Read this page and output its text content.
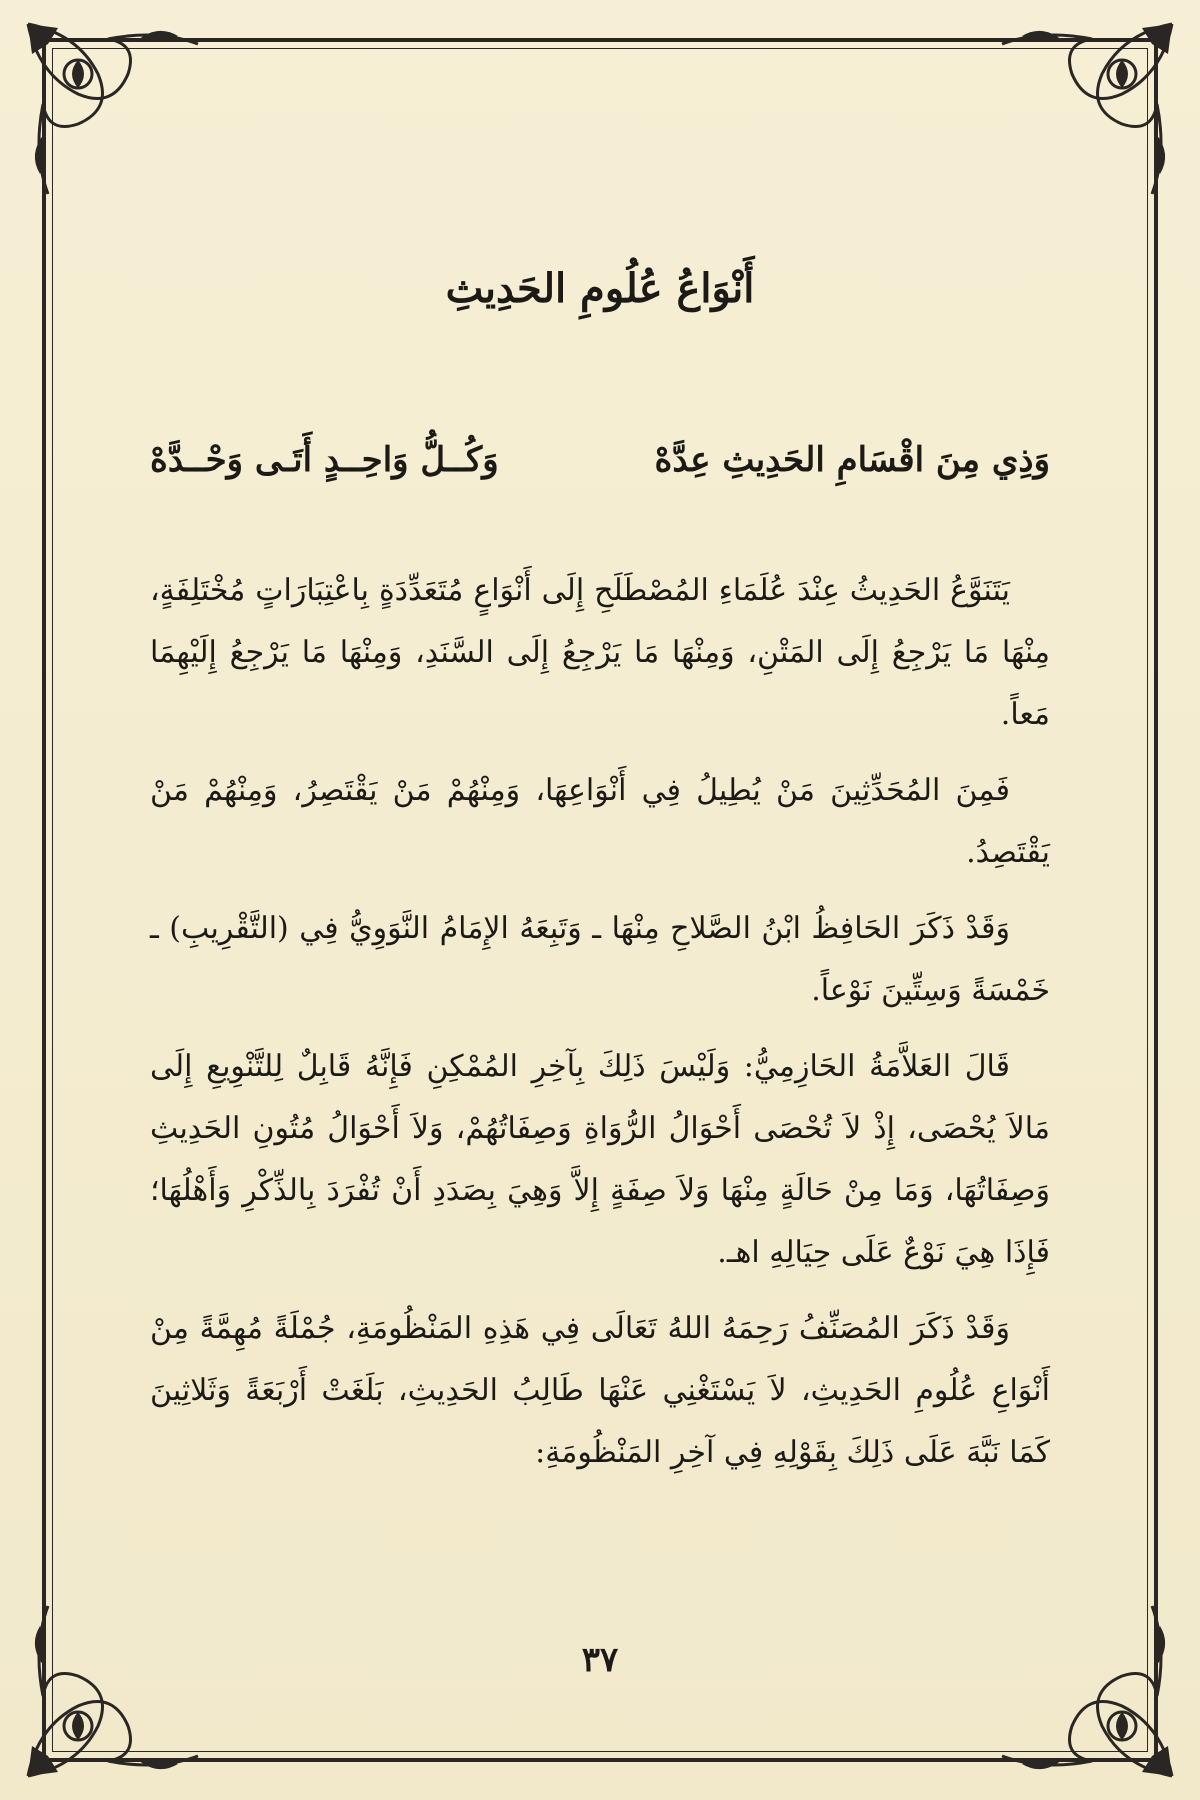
أَنْوَاعُ عُلُومِ الحَدِيثِ
وَذِي مِنَ اقْسَامِ الحَدِيثِ عِدَّهْ
وَكُــلُّ وَاحِــدٍ أَتَـى وَحْــدَّهْ

يَتَنَوَّعُ الحَدِيثُ عِنْدَ عُلَمَاءِ المُصْطَلَحِ إِلَى أَنْوَاعٍ مُتَعَدِّدَةٍ بِاعْتِبَارَاتٍ مُخْتَلِفَةٍ، مِنْهَا مَا يَرْجِعُ إِلَى المَتْنِ، وَمِنْهَا مَا يَرْجِعُ إِلَى السَّنَدِ، وَمِنْهَا مَا يَرْجِعُ إِلَيْهِمَا مَعاً.

فَمِنَ المُحَدِّثِينَ مَنْ يُطِيلُ فِي أَنْوَاعِهَا، وَمِنْهُمْ مَنْ يَقْتَصِرُ، وَمِنْهُمْ مَنْ يَقْتَصِدُ.

وَقَدْ ذَكَرَ الحَافِظُ ابْنُ الصَّلاحِ مِنْهَا ـ وَتَبِعَهُ الإِمَامُ النَّوَوِيُّ فِي (التَّقْرِيبِ) ـ خَمْسَةً وَسِتِّينَ نَوْعاً.

قَالَ العَلاَّمَةُ الحَازِمِيُّ: وَلَيْسَ ذَلِكَ بِآخِرِ المُمْكِنِ فَإِنَّهُ قَابِلٌ لِلتَّنْوِيعِ إِلَى مَالاَ يُحْصَى، إِذْ لاَ تُحْصَى أَحْوَالُ الرُّوَاةِ وَصِفَاتُهُمْ، وَلاَ أَحْوَالُ مُتُونِ الحَدِيثِ وَصِفَاتُهَا، وَمَا مِنْ حَالَةٍ مِنْهَا وَلاَ صِفَةٍ إِلاَّ وَهِيَ بِصَدَدِ أَنْ تُفْرَدَ بِالذِّكْرِ وَأَهْلُهَا؛ فَإِذَا هِيَ نَوْعٌ عَلَى حِيَالِهِ اهـ.

وَقَدْ ذَكَرَ المُصَنِّفُ رَحِمَهُ اللهُ تَعَالَى فِي هَذِهِ المَنْظُومَةِ، جُمْلَةً مُهِمَّةً مِنْ أَنْوَاعِ عُلُومِ الحَدِيثِ، لاَ يَسْتَغْنِي عَنْهَا طَالِبُ الحَدِيثِ، بَلَغَتْ أَرْبَعَةً وَثَلاثِينَ كَمَا نَبَّهَ عَلَى ذَلِكَ بِقَوْلِهِ فِي آخِرِ المَنْظُومَةِ:

٣٧
